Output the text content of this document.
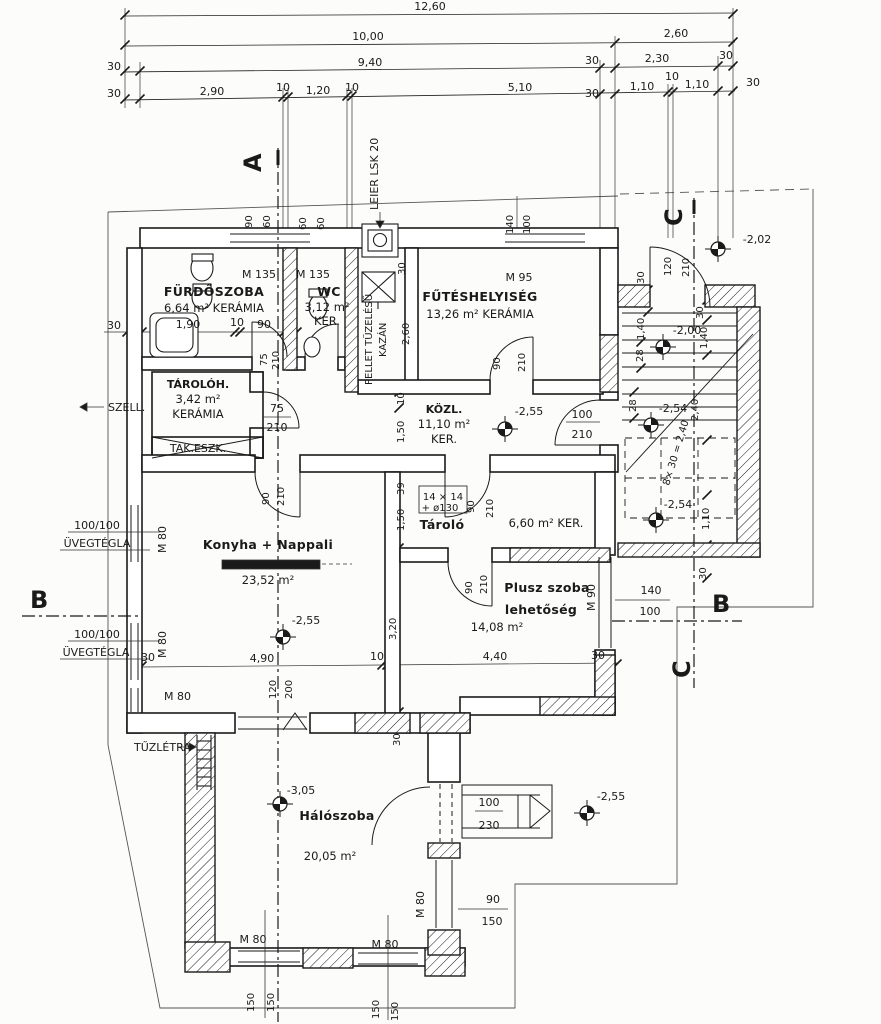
12,60
10,00	2,60
30	9,40	30	2,30	30
30	2,90	10 1,20 10	5,10	30
1,10
10
1,10	30
A
B	B
C
C
FÜRDŐSZOBA
6,64 m² KERÁMIA
WC
3,12 m²
KER.
FŰTÉSHELYISÉG
13,26 m² KERÁMIA
TÁROLÓH.
3,42 m²
KERÁMIA
TAK.ESZK.
KÖZL.
11,10 m²
KER.
Tároló	6,60 m² KER.
Konyha + Nappali
23,52 m²	Plusz szoba
lehetőség
14,08 m²
Hálószoba
20,05 m²
-2,02
-2,00
-2,54
-2,54
-2,55
-2,55
-2,55
-3,05
M 135 M 135	M 95
M 80
M 80
M 80
M 90
M 80	M 80
M 80
30	1,90	10 90
75 210
75
210
90 210
100
210
120 210
90 210
90 210
90 210	140
100
100
230
90
150
120 200
150 150	150 150
90 60	60 60	140 100
30
2,60
10
1,50
39
1,50
3,20
4,90	10	4,40	30
30
1,40
28
28
30
1,40
2,40
1,10
30
8× 30 = 2,40
30
SZELL.
TŰZLÉTRA
100/100
ÜVEGTÉGLA
100/100
ÜVEGTÉGLA 30
LEIER LSK 20
PELLET TÜZELÉSŰ KAZÁN
14 × 14
+ ø130
